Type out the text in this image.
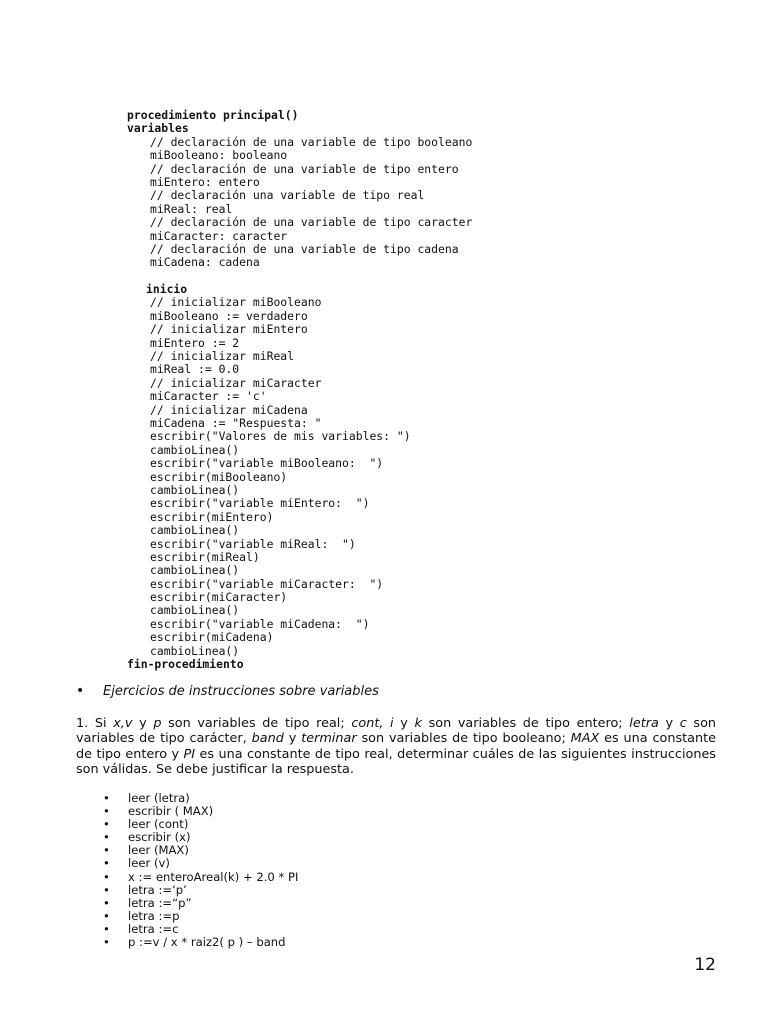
procedimiento principal()
variables
// declaración de una variable de tipo booleano
miBooleano: booleano
// declaración de una variable de tipo entero
miEntero: entero
// declaración una variable de tipo real
miReal: real
// declaración de una variable de tipo caracter
miCaracter: caracter
// declaración de una variable de tipo cadena
miCadena: cadena
inicio
// inicializar miBooleano
miBooleano := verdadero
// inicializar miEntero
miEntero := 2
// inicializar miReal
miReal := 0.0
// inicializar miCaracter
miCaracter := 'c'
// inicializar miCadena
miCadena := "Respuesta: "
escribir("Valores de mis variables: ")
cambioLinea()
escribir("variable miBooleano:  ")
escribir(miBooleano)
cambioLinea()
escribir("variable miEntero:  ")
escribir(miEntero)
cambioLinea()
escribir("variable miReal:  ")
escribir(miReal)
cambioLinea()
escribir("variable miCaracter:  ")
escribir(miCaracter)
cambioLinea()
escribir("variable miCadena:  ")
escribir(miCadena)
cambioLinea()
fin-procedimiento
•	Ejercicios de instrucciones sobre variables
1. Si x,v y p son variables de tipo real; cont, i y k son variables de tipo entero; letra y c son variables de tipo carácter, band y terminar son variables de tipo booleano; MAX es una constante de tipo entero y PI es una constante de tipo real, determinar cuáles de las siguientes instrucciones son válidas. Se debe justificar la respuesta.
•	leer (letra)
•	escribir ( MAX)
•	leer (cont)
•	escribir (x)
•	leer (MAX)
•	leer (v)
•	x := enteroAreal(k) + 2.0 * PI
•	letra :=‘p’
•	letra :=“p”
•	letra :=p
•	letra :=c
•	p :=v / x * raiz2( p ) – band
12
